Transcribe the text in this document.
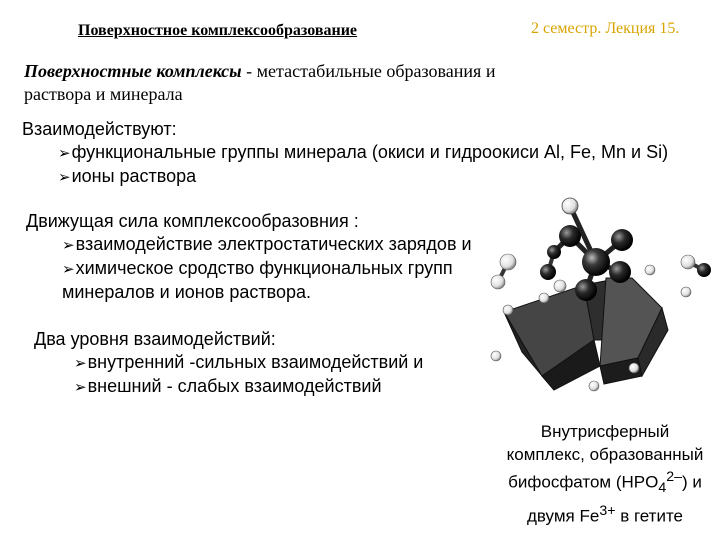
Поверхностное комплексообразование	2 семестр. Лекция 15.
Поверхностные комплексы - метастабильные образования и
раствора и минерала
Взаимодействуют:
➢функциональные группы минерала (окиси и гидроокиси Al, Fe, Mn и Si)
➢ионы раствора
Движущая сила комплексообразовния :
➢взаимодействие электростатических зарядов и
➢химическое сродство функциональных групп
минералов и ионов раствора.
Два уровня взаимодействий:
➢внутренний -сильных взаимодействий и
➢внешний - слабых взаимодействий
Внутрисферный
комплекс, образованный
бифосфатом $(HPO_4^{2-})$ и
двумя $Fe^{3+}$ в гетите
